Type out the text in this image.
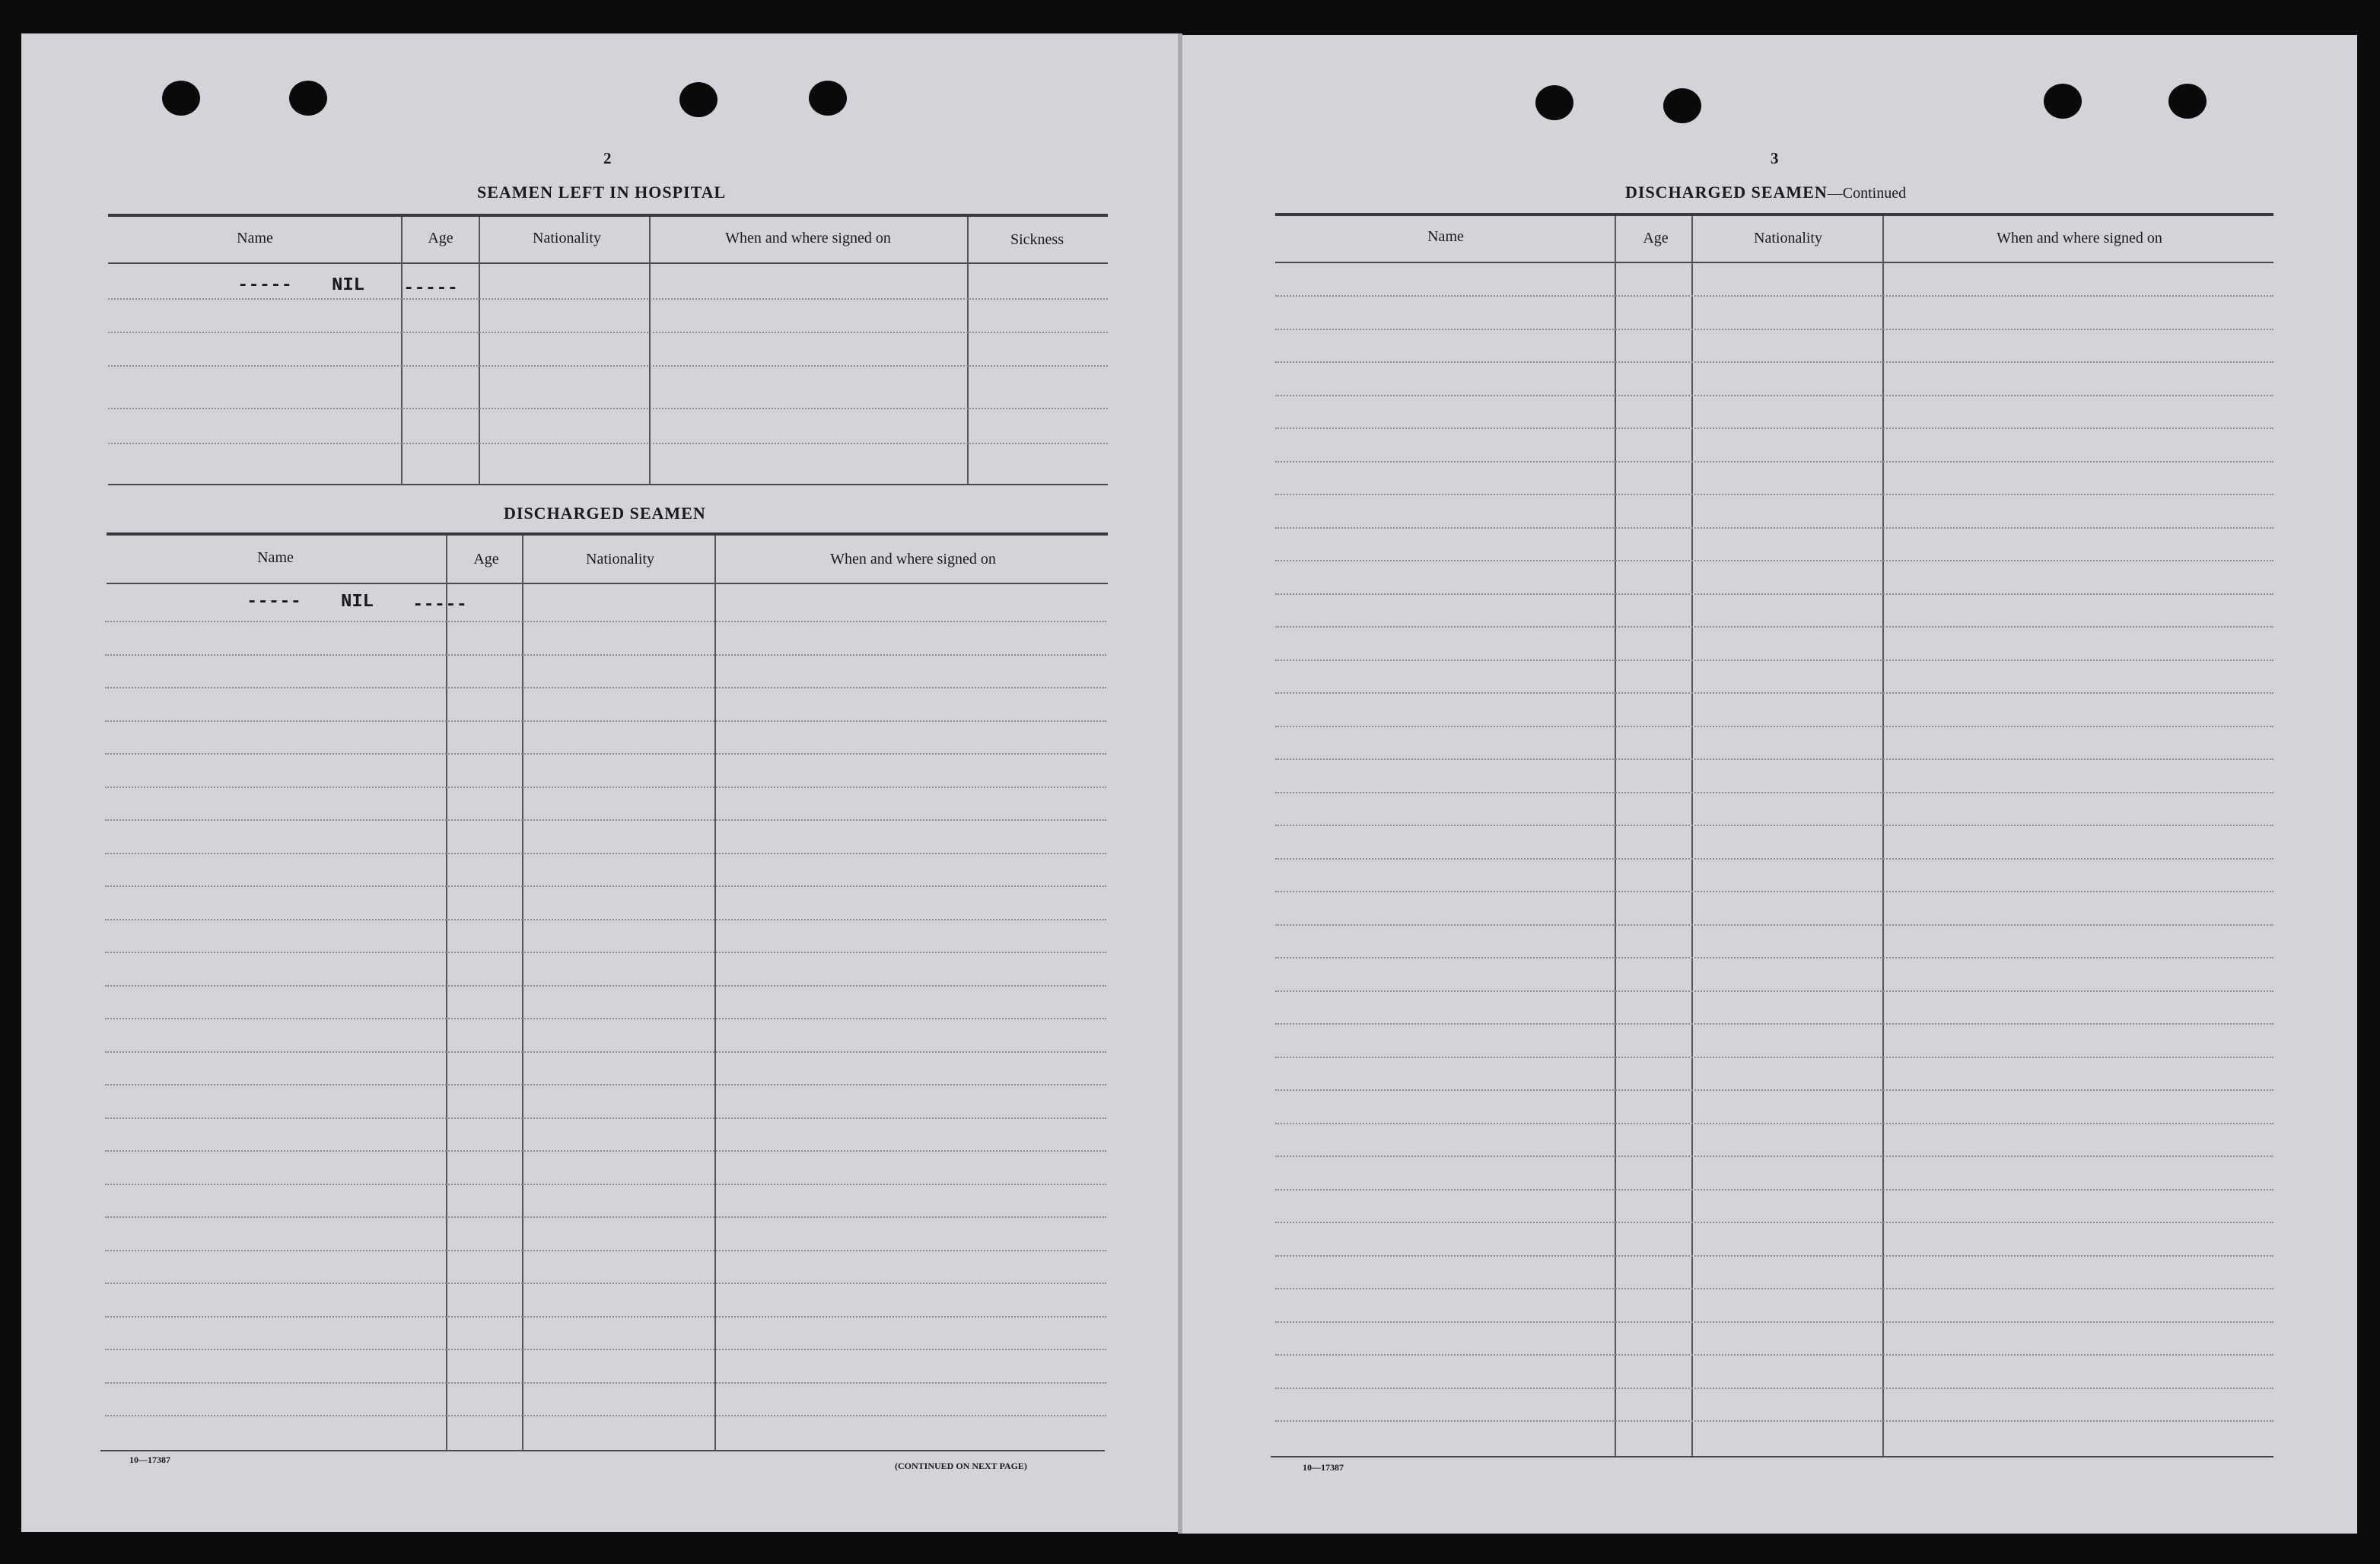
2
SEAMEN LEFT IN HOSPITAL
Name	Age	Nationality	When and where signed on	Sickness
----- NIL -----
DISCHARGED SEAMEN
Name	Age	Nationality	When and where signed on
----- NIL -----
10—17387
(CONTINUED ON NEXT PAGE)
3
DISCHARGED SEAMEN—Continued
Name	Age	Nationality	When and where signed on
10—17387
